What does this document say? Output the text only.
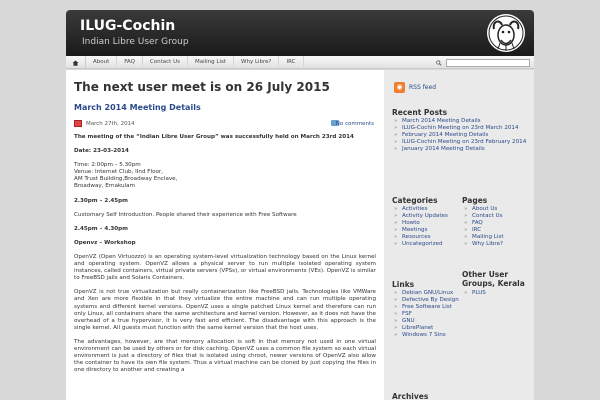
ILUG-Cochin
Indian Libre User Group
About	FAQ	Contact Us	Mailing List	Why Libre?	IRC
The next user meet is on 26 July 2015
March 2014 Meeting Details
March 27th, 2014	No comments

The meeting of the “Indian Libre User Group” was successfully held on March 23rd 2014

Date: 23-03-2014

Time: 2:00pm – 5.30pm
Venue: Internet Club, IInd Floor,
AM Trust Building,Broadway Enclave,
Broadway, Ernakulam

2.30pm – 2.45pm

Customary Self Introduction. People shared their experience with Free Software

2.45pm – 4.30pm

Openvz – Workshop

OpenVZ (Open Virtuozzo) is an operating system-level virtualization technology based on the Linux kernel and operating system. OpenVZ allows a physical server to run multiple isolated operating system instances, called containers, virtual private servers (VPSs), or virtual environments (VEs). OpenVZ is similar to FreeBSD jails and Solaris Containers.

OpenVZ is not true virtualization but really containerization like FreeBSD jails. Technologies like VMWare and Xen are more flexible in that they virtualize the entire machine and can run multiple operating systems and different kernel versions. OpenVZ uses a single patched Linux kernel and therefore can run only Linux, all containers share the same architecture and kernel version. However, as it does not have the overhead of a true hypervisor, it is very fast and efficient. The disadvantage with this approach is the single kernel. All guests must function with the same kernel version that the host uses.

The advantages, however, are that memory allocation is soft in that memory not used in one virtual environment can be used by others or for disk caching. OpenVZ uses a common file system so each virtual environment is just a directory of files that is isolated using chroot, newer versions of OpenVZ also allow the container to have its own file system. Thus a virtual machine can be cloned by just copying the files in one directory to another and creating a

◉	RSS feed
Recent Posts
» March 2014 Meeting Details
» ILUG-Cochin Meeting on 23rd March 2014
» February 2014 Meeting Details
» ILUG-Cochin Meeting on 23rd February 2014
» January 2014 Meeting Details
Categories
» Activities
» Activity Updates
» Howto
» Meetings
» Resources
» Uncategorized
Pages
» About Us
» Contact Us
» FAQ
» IRC
» Mailing List
» Why Libre?
Links
» Debian GNU/Linux
» Defective By Design
» Free Software List
» FSF
» GNU
» LibrePlanet
» Windows 7 Sins
Other User Groups, Kerala
» PLUS
Archives
